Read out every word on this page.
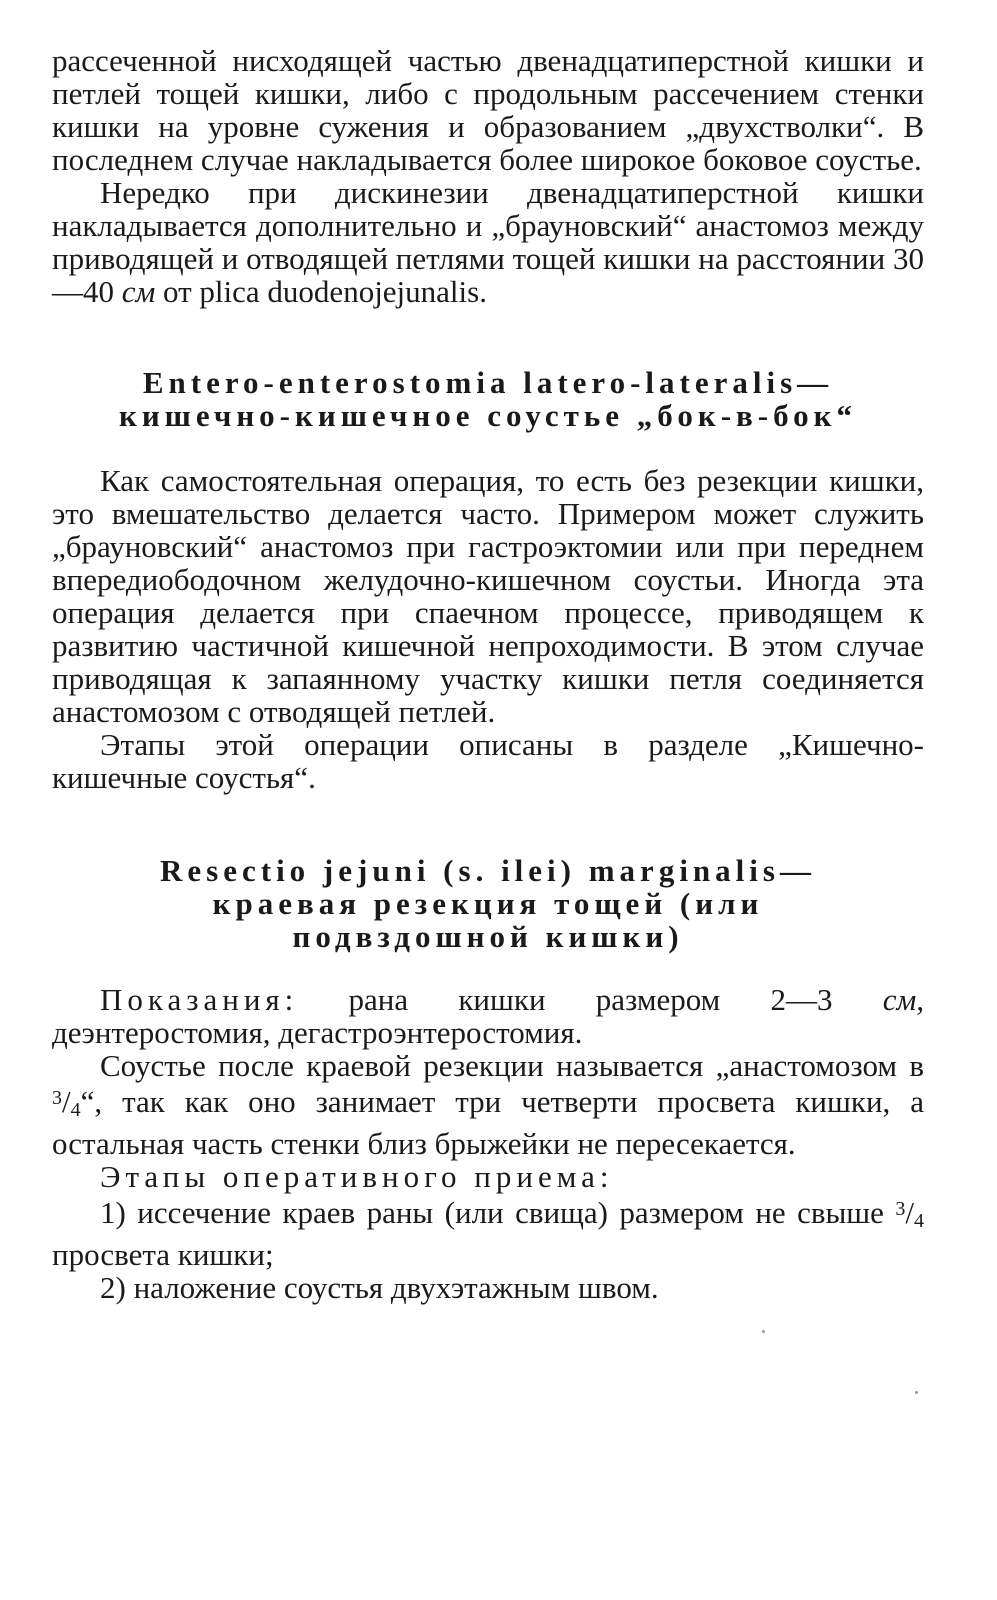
рассеченной нисходящей частью двенадцатиперстной кишки и петлей тощей кишки, либо с продольным рассечением стенки кишки на уровне сужения и образованием „двухстволки“. В последнем случае накладывается более широкое боковое соустье.

Нередко при дискинезии двенадцатиперстной кишки накладывается дополнительно и „брауновский“ анастомоз между приводящей и отводящей петлями тощей кишки на расстоянии 30—40 см от plica duodenojejunalis.

Entero-enterostomia latero-lateralis—
кишечно-кишечное соустье „бок-в-бок“

Как самостоятельная операция, то есть без резекции кишки, это вмешательство делается часто. Примером может служить „брауновский“ анастомоз при гастроэктомии или при переднем впередиободочном желудочно-кишечном соустьи. Иногда эта операция делается при спаечном процессе, приводящем к развитию частичной кишечной непроходимости. В этом случае приводящая к запаянному участку кишки петля соединяется анастомозом с отводящей петлей.

Этапы этой операции описаны в разделе „Кишечно-кишечные соустья“.

Resectio jejuni (s. ilei) marginalis—
краевая резекция тощей (или
подвздошной кишки)

Показания: рана кишки размером 2—3 см, деэнтеростомия, дегастроэнтеростомия.

Соустье после краевой резекции называется „анастомозом в $^3$/4“, так как оно занимает три четверти просвета кишки, а остальная часть стенки близ брыжейки не пересекается.

Этапы оперативного приема:

1) иссечение краев раны (или свища) размером не свыше $^3$/4 просвета кишки;

2) наложение соустья двухэтажным швом.
